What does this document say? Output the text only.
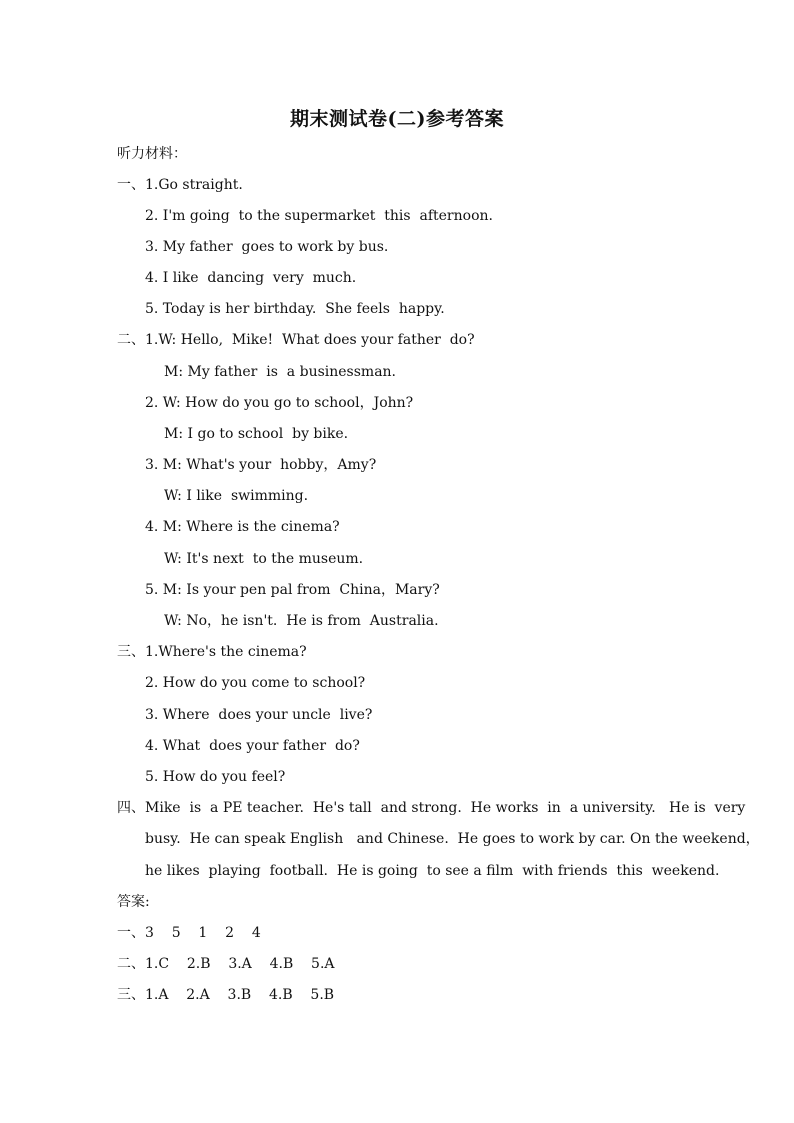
期末测试卷(二)参考答案
听力材料：
一、1.Go straight.
2. I'm going  to the supermarket  this  afternoon.
3. My father  goes to work by bus.
4. I like  dancing  very  much.
5. Today is her birthday.  She feels  happy.
二、1.W: Hello,  Mike!  What does your father  do?
M: My father  is  a businessman.
2. W: How do you go to school，John?
M: I go to school  by bike.
3. M: What's your  hobby，Amy?
W: I like  swimming.
4. M: Where is the cinema?
W: It's next  to the museum.
5. M: Is your pen pal from  China，Mary?
W: No，he isn't.  He is from  Australia.
三、1.Where's the cinema?
2. How do you come to school?
3. Where  does your uncle  live?
4. What  does your father  do?
5. How do you feel?
四、Mike  is  a PE teacher.  He's tall  and strong.  He works  in  a university.   He is  very
busy.  He can speak English   and Chinese.  He goes to work by car. On the weekend，
he likes  playing  football.  He is going  to see a film  with friends  this  weekend.
答案:
一、3    5    1    2    4
二、1.C    2.B    3.A    4.B    5.A
三、1.A    2.A    3.B    4.B    5.B
